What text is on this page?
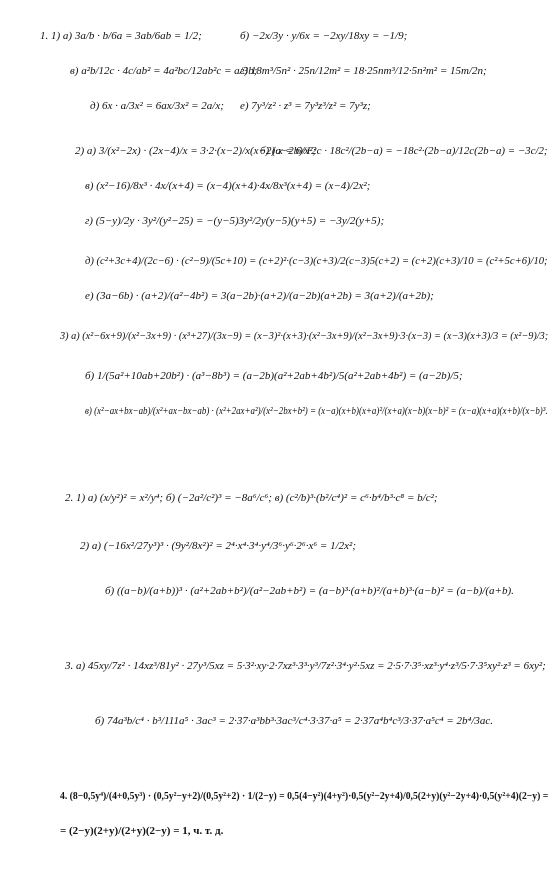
1. 1) а) 3a/b · b/6a = 3ab/6ab = 1/2;	б) −2x/3y · y/6x = −2xy/18xy = −1/9;
в) a²b/12c · 4c/ab² = 4a²bc/12ab²c = a/3b;
г) 18m³/5n² · 25n/12m² = 18·25nm³/12·5n²m² = 15m/2n;
д) 6x · a/3x² = 6ax/3x² = 2a/x; е) 7y³/z² · z³ = 7y³z³/z² = 7y³z;
2) а) 3/(x²−2x) · (2x−4)/x = 3·2·(x−2)/x(x−2)·x = 6/x²;
б) (a−2b)/12c · 18c²/(2b−a) = −18c²·(2b−a)/12c(2b−a) = −3c/2;
в) (x²−16)/8x³ · 4x/(x+4) = (x−4)(x+4)·4x/8x³(x+4) = (x−4)/2x²;
г) (5−y)/2y · 3y²/(y²−25) = −(y−5)3y²/2y(y−5)(y+5) = −3y/2(y+5);
д) (c²+3c+4)/(2c−6) · (c²−9)/(5c+10) = (c+2)²·(c−3)(c+3)/2(c−3)5(c+2) = (c+2)(c+3)/10 = (c²+5c+6)/10;
е) (3a−6b) · (a+2)/(a²−4b²) = 3(a−2b)·(a+2)/(a−2b)(a+2b) = 3(a+2)/(a+2b);
3) а) (x²−6x+9)/(x²−3x+9) · (x³+27)/(3x−9) = (x−3)²·(x+3)·(x²−3x+9)/(x²−3x+9)·3·(x−3) = (x−3)(x+3)/3 = (x²−9)/3;
б) 1/(5a²+10ab+20b²) · (a³−8b³) = (a−2b)(a²+2ab+4b²)/5(a²+2ab+4b²) = (a−2b)/5;
в) (x²−ax+bx−ab)/(x²+ax−bx−ab) · (x²+2ax+a²)/(x²−2bx+b²) = (x−a)(x+b)(x+a)²/(x+a)(x−b)(x−b)² = (x−a)(x+a)(x+b)/(x−b)³.
2. 1) а) (x/y²)² = x²/y⁴; б) (−2a²/c²)³ = −8a⁶/c⁶; в) (c²/b)³·(b²/c⁴)² = c⁶·b⁴/b³·c⁸ = b/c²;
2) а) (−16x²/27y³)³ · (9y²/8x²)² = 2⁴·x⁴·3⁴·y⁴/3⁶·y⁶·2⁶·x⁶ = 1/2x²;
б) ((a−b)/(a+b))³ · (a²+2ab+b²)/(a²−2ab+b²) = (a−b)³·(a+b)²/(a+b)³·(a−b)² = (a−b)/(a+b).
3. а) 45xy/7z² · 14xz³/81y² · 27y³/5xz = 5·3²·xy·2·7xz³·3³·y³/7z²·3⁴·y²·5xz = 2·5·7·3⁵·xz³·y⁴·z³/5·7·3⁵xy²·z³ = 6xy²;
б) 74a³b/c⁴ · b³/111a⁵ · 3ac³ = 2·37·a³bb³·3ac³/c⁴·3·37·a⁵ = 2·37a⁴b⁴c³/3·37·a⁵c⁴ = 2b⁴/3ac.
4. (8−0,5y⁴)/(4+0,5y³) · (0,5y²−y+2)/(0,5y²+2) · 1/(2−y) = 0,5(4−y²)(4+y²)·0,5(y²−2y+4)/0,5(2+y)(y²−2y+4)·0,5(y²+4)(2−y) =
= (2−y)(2+y)/(2+y)(2−y) = 1, ч. т. д.
